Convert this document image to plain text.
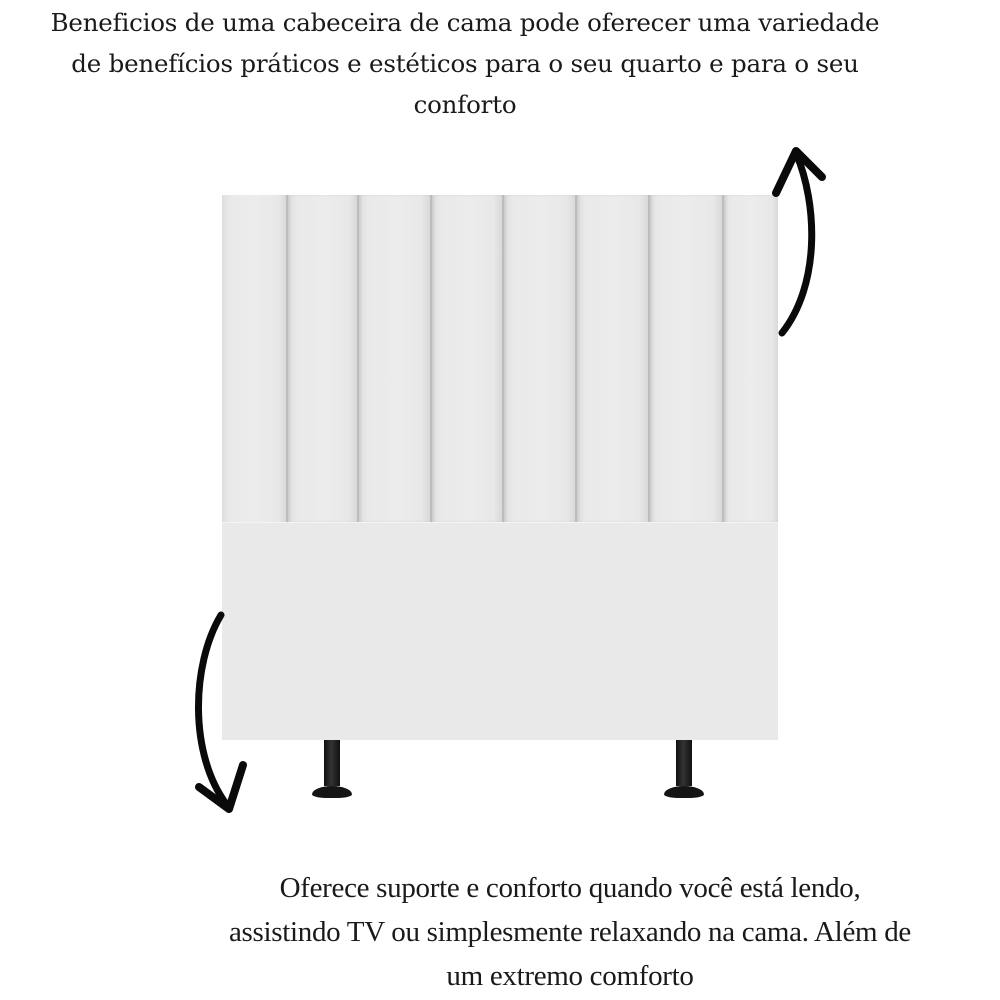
Beneficios de uma cabeceira de cama pode oferecer uma variedade
de benefícios práticos e estéticos para o seu quarto e para o seu
conforto
Oferece suporte e conforto quando você está lendo,
assistindo TV ou simplesmente relaxando na cama. Além de
um extremo comforto
